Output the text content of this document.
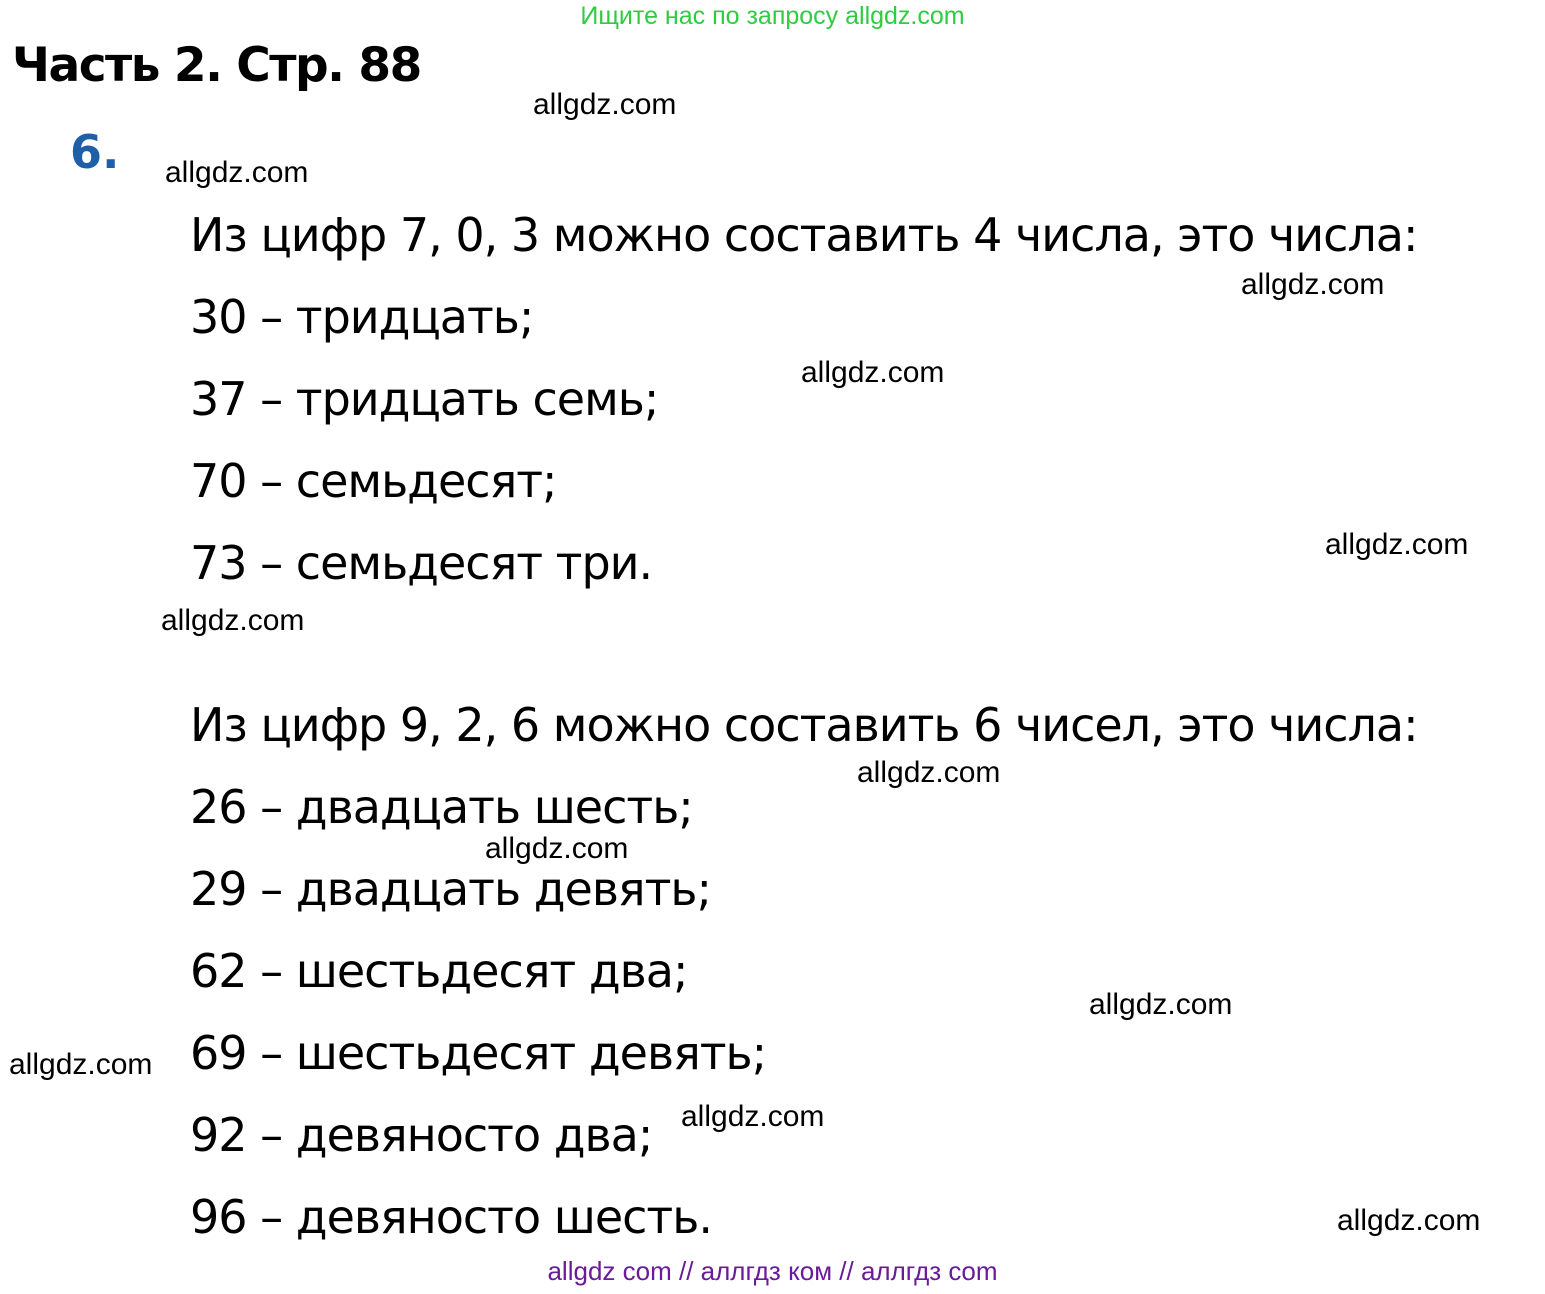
Ищите нас по запросу allgdz.com
Часть 2. Стр. 88
6.
Из цифр 7, 0, 3 можно составить 4 числа, это числа:
30 – тридцать;
37 – тридцать семь;
70 – семьдесят;
73 – семьдесят три.
Из цифр 9, 2, 6 можно составить 6 чисел, это числа:
26 – двадцать шесть;
29 – двадцать девять;
62 – шестьдесят два;
69 – шестьдесят девять;
92 – девяносто два;
96 – девяносто шесть.
allgdz.com
allgdz.com
allgdz.com
allgdz.com
allgdz.com
allgdz.com
allgdz.com
allgdz.com
allgdz.com
allgdz.com
allgdz.com
allgdz.com
allgdz com // аллгдз ком // аллгдз com
